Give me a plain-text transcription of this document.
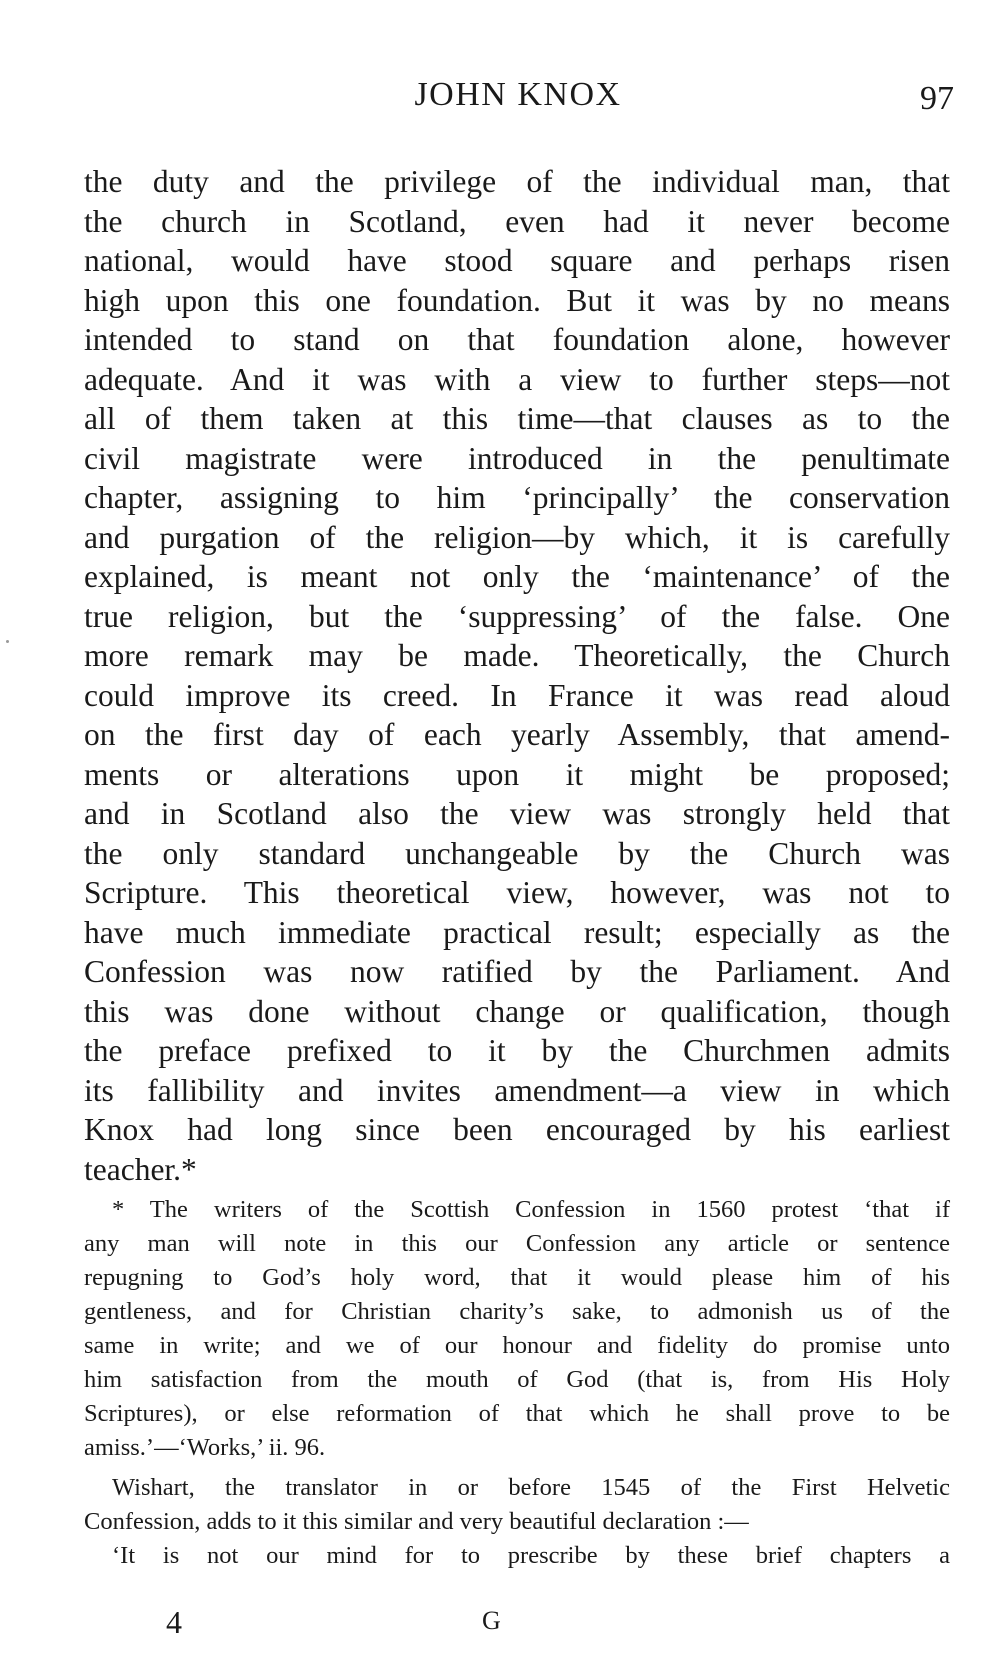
JOHN KNOX	97
the duty and the privilege of the individual man, that
the church in Scotland, even had it never become
national, would have stood square and perhaps risen
high upon this one foundation. But it was by no means
intended to stand on that foundation alone, however
adequate. And it was with a view to further steps—not
all of them taken at this time—that clauses as to the
civil magistrate were introduced in the penultimate
chapter, assigning to him ‘principally’ the conservation
and purgation of the religion—by which, it is carefully
explained, is meant not only the ‘maintenance’ of the
true religion, but the ‘suppressing’ of the false. One
more remark may be made. Theoretically, the Church
could improve its creed. In France it was read aloud
on the first day of each yearly Assembly, that amend-
ments or alterations upon it might be proposed;
and in Scotland also the view was strongly held that
the only standard unchangeable by the Church was
Scripture. This theoretical view, however, was not to
have much immediate practical result; especially as the
Confession was now ratified by the Parliament. And
this was done without change or qualification, though
the preface prefixed to it by the Churchmen admits
its fallibility and invites amendment—a view in which
Knox had long since been encouraged by his earliest
teacher.*
* The writers of the Scottish Confession in 1560 protest ‘that if
any man will note in this our Confession any article or sentence
repugning to God’s holy word, that it would please him of his
gentleness, and for Christian charity’s sake, to admonish us of the
same in write; and we of our honour and fidelity do promise unto
him satisfaction from the mouth of God (that is, from His Holy
Scriptures), or else reformation of that which he shall prove to be
amiss.’—‘Works,’ ii. 96.
Wishart, the translator in or before 1545 of the First Helvetic
Confession, adds to it this similar and very beautiful declaration :—
‘It is not our mind for to prescribe by these brief chapters a
4	G
